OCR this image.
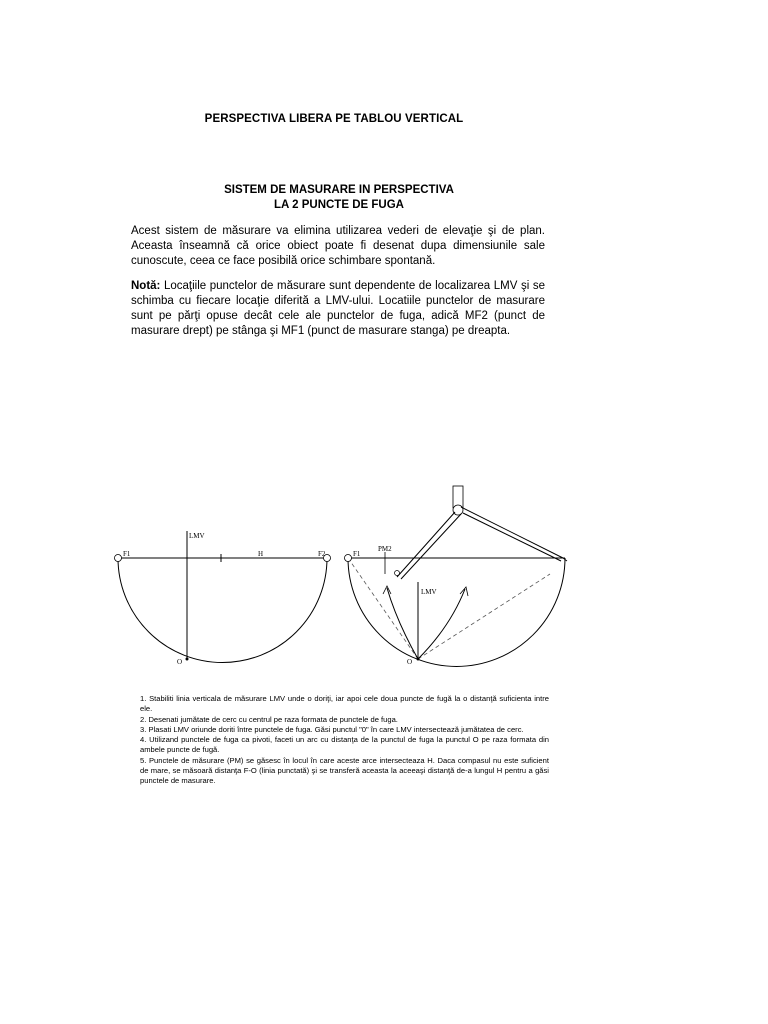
PERSPECTIVA LIBERA PE TABLOU VERTICAL
SISTEM DE MASURARE IN PERSPECTIVA
LA 2 PUNCTE DE FUGA
Acest sistem de măsurare va elimina utilizarea vederi de elevaţie şi de plan. Aceasta înseamnă că orice obiect poate fi desenat dupa dimensiunile sale cunoscute, ceea ce face posibilă orice schimbare spontană.
Notă: Locaţiile punctelor de măsurare sunt dependente de localizarea LMV şi se schimba cu fiecare locaţie diferită a LMV-ului. Locatiile punctelor de masurare sunt pe părţi opuse decât cele ale punctelor de fuga, adică MF2 (punct de masurare drept) pe stânga şi MF1 (punct de masurare stanga) pe dreapta.
LMV
H
F1	F2
O
LMV
F1
PM2
O

1. Stabiliti linia verticala de măsurare LMV unde o doriţi, iar apoi cele doua puncte de fugă la o distanţă suficienta intre ele.

2. Desenati jumătate de cerc cu centrul pe raza formata de punctele de fuga.

3. Plasati LMV oriunde doriti între punctele de fuga. Găsi punctul "0" în care LMV intersectează jumătatea de cerc.

4. Utilizand punctele de fuga ca pivoti, faceti un arc cu distanţa de la punctul de fuga la punctul O pe raza formata din ambele puncte de fugă.

5. Punctele de măsurare (PM) se găsesc în locul în care aceste arce intersecteaza H. Daca compasul nu este suficient de mare, se măsoară distanţa F-O (linia punctată) şi se transferă aceasta la aceeaşi distanţă de-a lungul H pentru a găsi punctele de masurare.
